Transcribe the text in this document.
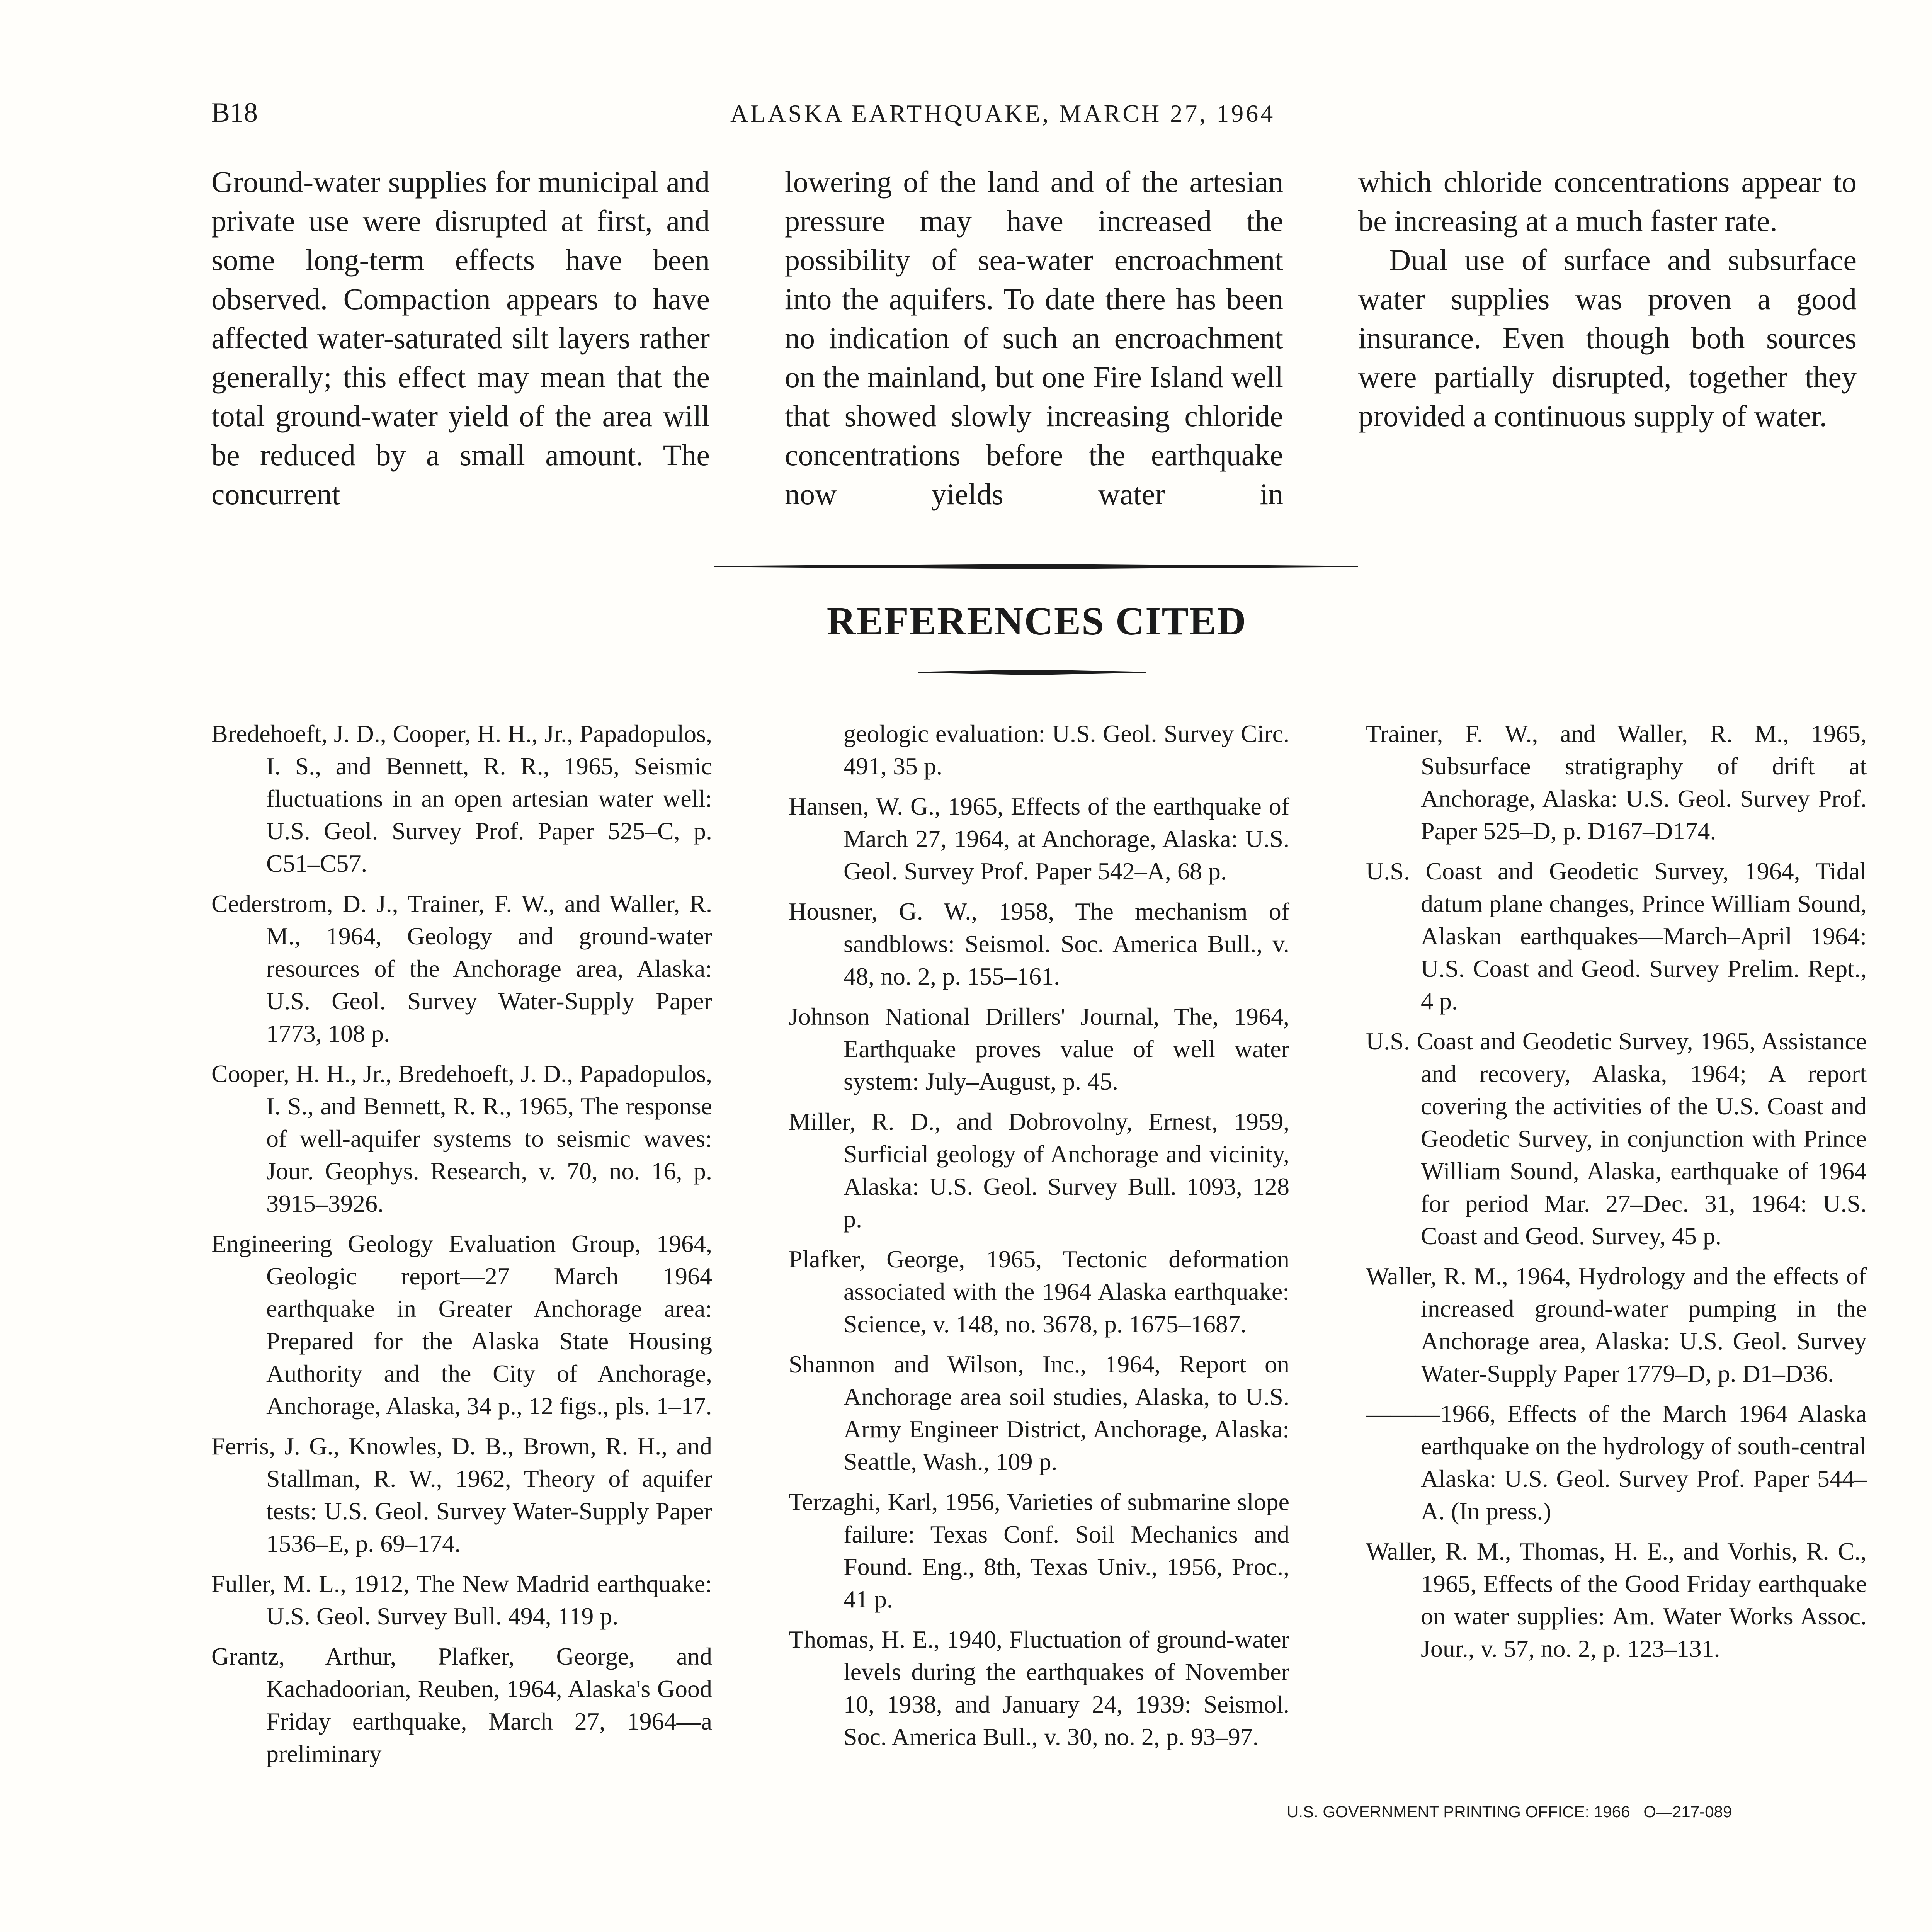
B18	ALASKA EARTHQUAKE, MARCH 27, 1964

Ground-water supplies for municipal and private use were disrupted at first, and some long-term effects have been observed. Compaction appears to have affected water-saturated silt layers rather generally; this effect may mean that the total ground-water yield of the area will be reduced by a small amount. The concurrent

lowering of the land and of the artesian pressure may have increased the possibility of sea-water encroachment into the aquifers. To date there has been no indication of such an encroachment on the mainland, but one Fire Island well that showed slowly increasing chloride concentrations before the earthquake now yields water in

which chloride concentrations appear to be increasing at a much faster rate.

Dual use of surface and subsurface water supplies was proven a good insurance. Even though both sources were partially disrupted, together they provided a continuous supply of water.

REFERENCES CITED

Bredehoeft, J. D., Cooper, H. H., Jr., Papadopulos, I. S., and Bennett, R. R., 1965, Seismic fluctuations in an open artesian water well: U.S. Geol. Survey Prof. Paper 525–C, p. C51–C57.

Cederstrom, D. J., Trainer, F. W., and Waller, R. M., 1964, Geology and ground-water resources of the Anchorage area, Alaska: U.S. Geol. Survey Water-Supply Paper 1773, 108 p.

Cooper, H. H., Jr., Bredehoeft, J. D., Papadopulos, I. S., and Bennett, R. R., 1965, The response of well-aquifer systems to seismic waves: Jour. Geophys. Research, v. 70, no. 16, p. 3915–3926.

Engineering Geology Evaluation Group, 1964, Geologic report—27 March 1964 earthquake in Greater Anchorage area: Prepared for the Alaska State Housing Authority and the City of Anchorage, Anchorage, Alaska, 34 p., 12 figs., pls. 1–17.

Ferris, J. G., Knowles, D. B., Brown, R. H., and Stallman, R. W., 1962, Theory of aquifer tests: U.S. Geol. Survey Water-Supply Paper 1536–E, p. 69–174.

Fuller, M. L., 1912, The New Madrid earthquake: U.S. Geol. Survey Bull. 494, 119 p.

Grantz, Arthur, Plafker, George, and Kachadoorian, Reuben, 1964, Alaska's Good Friday earthquake, March 27, 1964—a preliminary

geologic evaluation: U.S. Geol. Survey Circ. 491, 35 p.

Hansen, W. G., 1965, Effects of the earthquake of March 27, 1964, at Anchorage, Alaska: U.S. Geol. Survey Prof. Paper 542–A, 68 p.

Housner, G. W., 1958, The mechanism of sandblows: Seismol. Soc. America Bull., v. 48, no. 2, p. 155–161.

Johnson National Drillers' Journal, The, 1964, Earthquake proves value of well water system: July–August, p. 45.

Miller, R. D., and Dobrovolny, Ernest, 1959, Surficial geology of Anchorage and vicinity, Alaska: U.S. Geol. Survey Bull. 1093, 128 p.

Plafker, George, 1965, Tectonic deformation associated with the 1964 Alaska earthquake: Science, v. 148, no. 3678, p. 1675–1687.

Shannon and Wilson, Inc., 1964, Report on Anchorage area soil studies, Alaska, to U.S. Army Engineer District, Anchorage, Alaska: Seattle, Wash., 109 p.

Terzaghi, Karl, 1956, Varieties of submarine slope failure: Texas Conf. Soil Mechanics and Found. Eng., 8th, Texas Univ., 1956, Proc., 41 p.

Thomas, H. E., 1940, Fluctuation of ground-water levels during the earthquakes of November 10, 1938, and January 24, 1939: Seismol. Soc. America Bull., v. 30, no. 2, p. 93–97.

Trainer, F. W., and Waller, R. M., 1965, Subsurface stratigraphy of drift at Anchorage, Alaska: U.S. Geol. Survey Prof. Paper 525–D, p. D167–D174.

U.S. Coast and Geodetic Survey, 1964, Tidal datum plane changes, Prince William Sound, Alaskan earthquakes—March–April 1964: U.S. Coast and Geod. Survey Prelim. Rept., 4 p.

U.S. Coast and Geodetic Survey, 1965, Assistance and recovery, Alaska, 1964; A report covering the activities of the U.S. Coast and Geodetic Survey, in conjunction with Prince William Sound, Alaska, earthquake of 1964 for period Mar. 27–Dec. 31, 1964: U.S. Coast and Geod. Survey, 45 p.

Waller, R. M., 1964, Hydrology and the effects of increased ground-water pumping in the Anchorage area, Alaska: U.S. Geol. Survey Water-Supply Paper 1779–D, p. D1–D36.

———1966, Effects of the March 1964 Alaska earthquake on the hydrology of south-central Alaska: U.S. Geol. Survey Prof. Paper 544–A. (In press.)

Waller, R. M., Thomas, H. E., and Vorhis, R. C., 1965, Effects of the Good Friday earthquake on water supplies: Am. Water Works Assoc. Jour., v. 57, no. 2, p. 123–131.

U.S. GOVERNMENT PRINTING OFFICE: 1966   O—217-089
